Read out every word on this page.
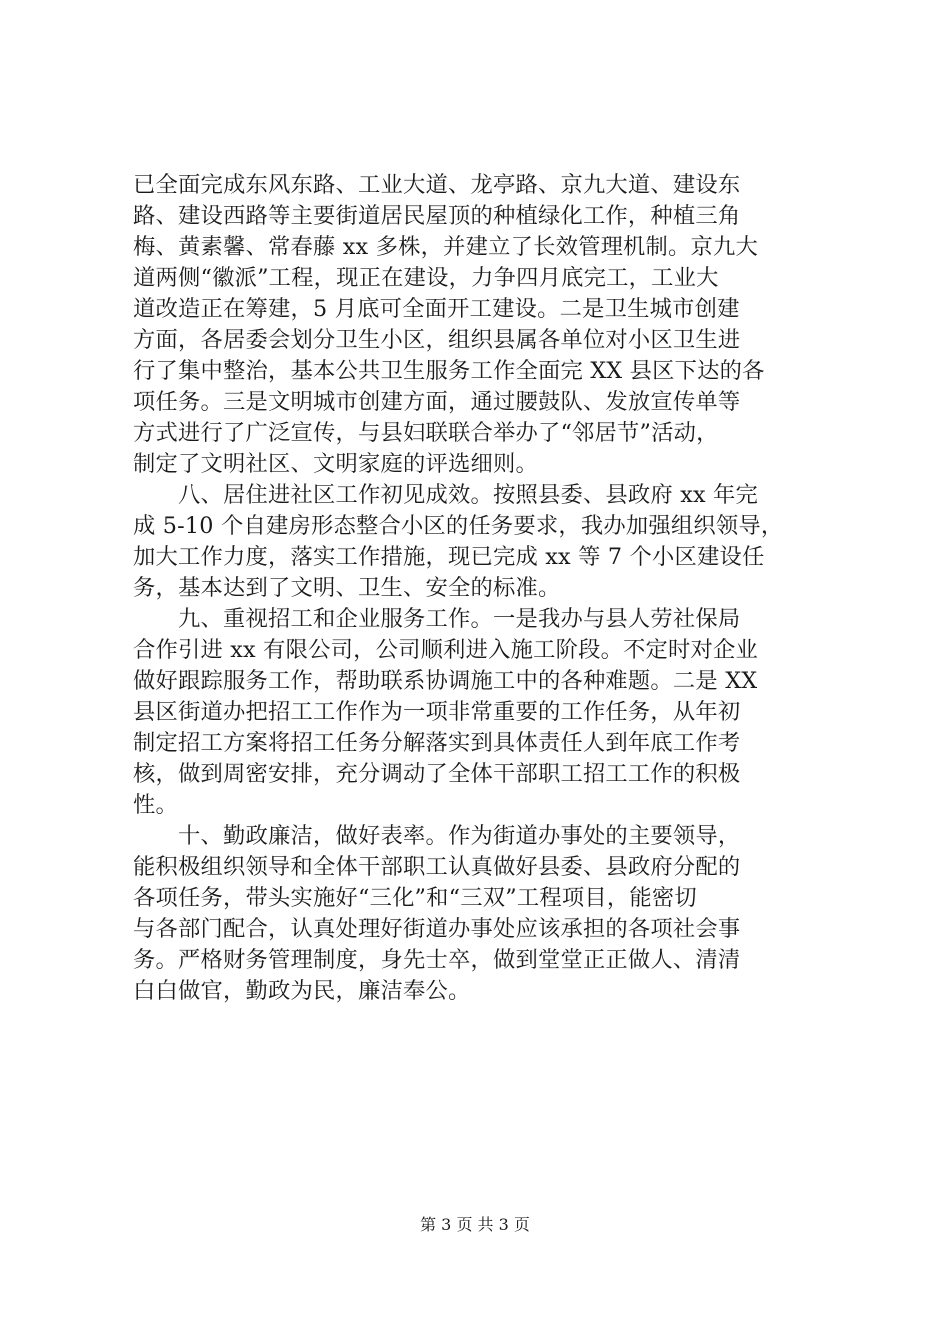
已全面完成东风东路、工业大道、龙亭路、京九大道、建设东
路、建设西路等主要街道居民屋顶的种植绿化工作，种植三角
梅、黄素馨、常春藤 xx 多株，并建立了长效管理机制。京九大
道两侧“徽派”工程，现正在建设，力争四月底完工，工业大
道改造正在筹建，5 月底可全面开工建设。二是卫生城市创建
方面，各居委会划分卫生小区，组织县属各单位对小区卫生进
行了集中整治，基本公共卫生服务工作全面完 XX 县区下达的各
项任务。三是文明城市创建方面，通过腰鼓队、发放宣传单等
方式进行了广泛宣传，与县妇联联合举办了“邻居节”活动，
制定了文明社区、文明家庭的评选细则。
　　八、居住进社区工作初见成效。按照县委、县政府 xx 年完
成 5-10 个自建房形态整合小区的任务要求，我办加强组织领导，
加大工作力度，落实工作措施，现已完成 xx 等 7 个小区建设任
务，基本达到了文明、卫生、安全的标准。
　　九、重视招工和企业服务工作。一是我办与县人劳社保局
合作引进 xx 有限公司，公司顺利进入施工阶段。不定时对企业
做好跟踪服务工作，帮助联系协调施工中的各种难题。二是 XX
县区街道办把招工工作作为一项非常重要的工作任务，从年初
制定招工方案将招工任务分解落实到具体责任人到年底工作考
核，做到周密安排，充分调动了全体干部职工招工工作的积极
性。
　　十、勤政廉洁，做好表率。作为街道办事处的主要领导，
能积极组织领导和全体干部职工认真做好县委、县政府分配的
各项任务，带头实施好“三化”和“三双”工程项目，能密切
与各部门配合，认真处理好街道办事处应该承担的各项社会事
务。严格财务管理制度，身先士卒，做到堂堂正正做人、清清
白白做官，勤政为民，廉洁奉公。
第 3 页 共 3 页
